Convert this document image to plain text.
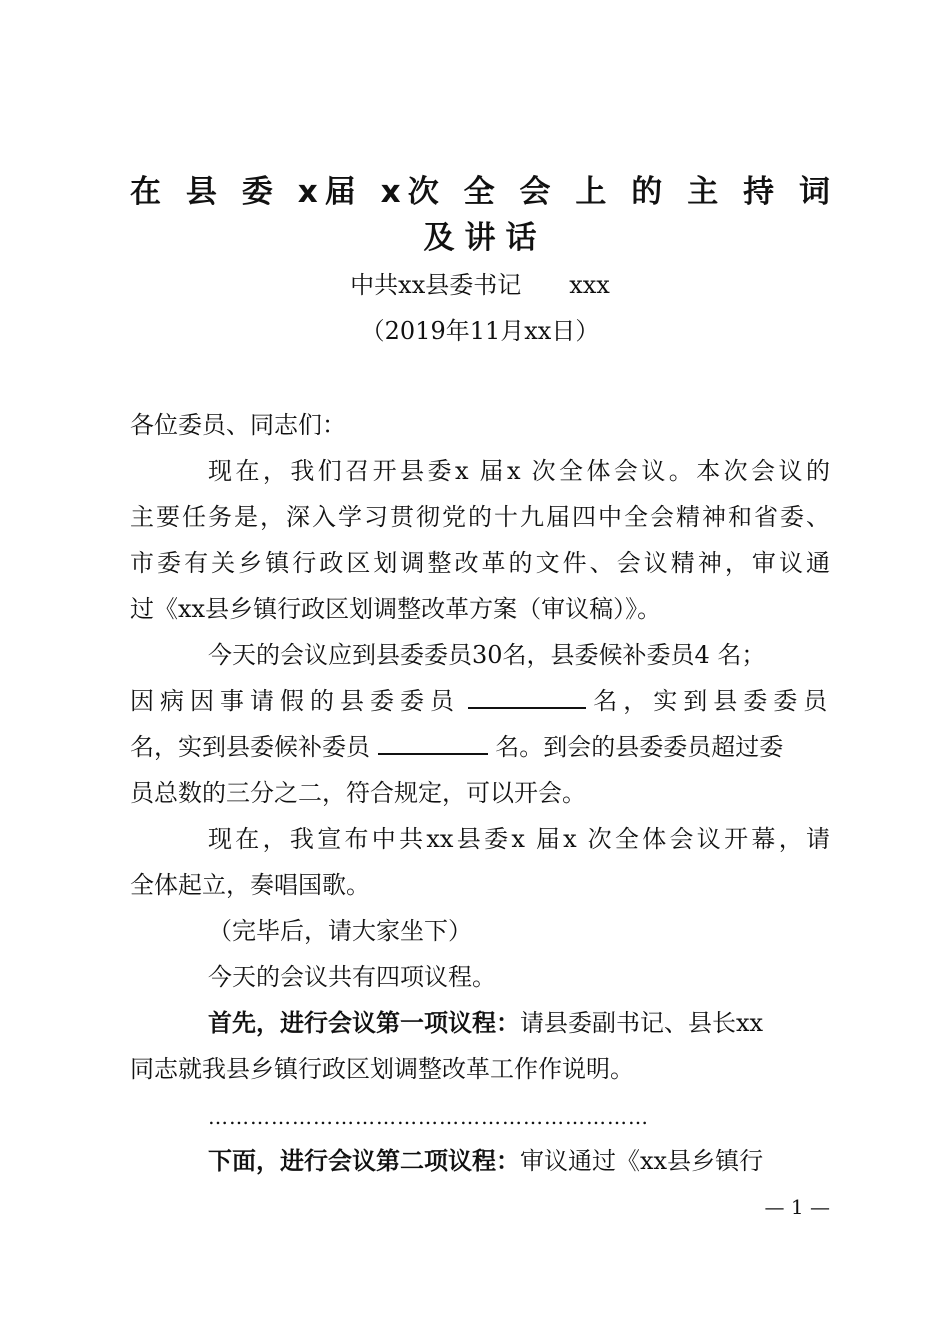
在 县 委 x届 x次 全 会 上 的 主 持 词
及讲话
中共xx县委书记　　xxx
（2019年11月xx日）
各位委员、同志们：
现在，我们召开县委x 届x 次全体会议。本次会议的
主要任务是，深入学习贯彻党的十九届四中全会精神和省委、
市委有关乡镇行政区划调整改革的文件、会议精神，审议通
过《xx县乡镇行政区划调整改革方案（审议稿）》。
今天的会议应到县委委员30名，县委候补委员4 名；
因病因事请假的县委委员	名，实到县委委员
名，实到县委候补委员	名。到会的县委委员超过委
员总数的三分之二，符合规定，可以开会。
现在，我宣布中共xx县委x 届x 次全体会议开幕，请
全体起立，奏唱国歌。
（完毕后，请大家坐下）
今天的会议共有四项议程。
首先，进行会议第一项议程：请县委副书记、县长xx
同志就我县乡镇行政区划调整改革工作作说明。
………………………………………………………
下面，进行会议第二项议程：审议通过《xx县乡镇行
— 1 —
